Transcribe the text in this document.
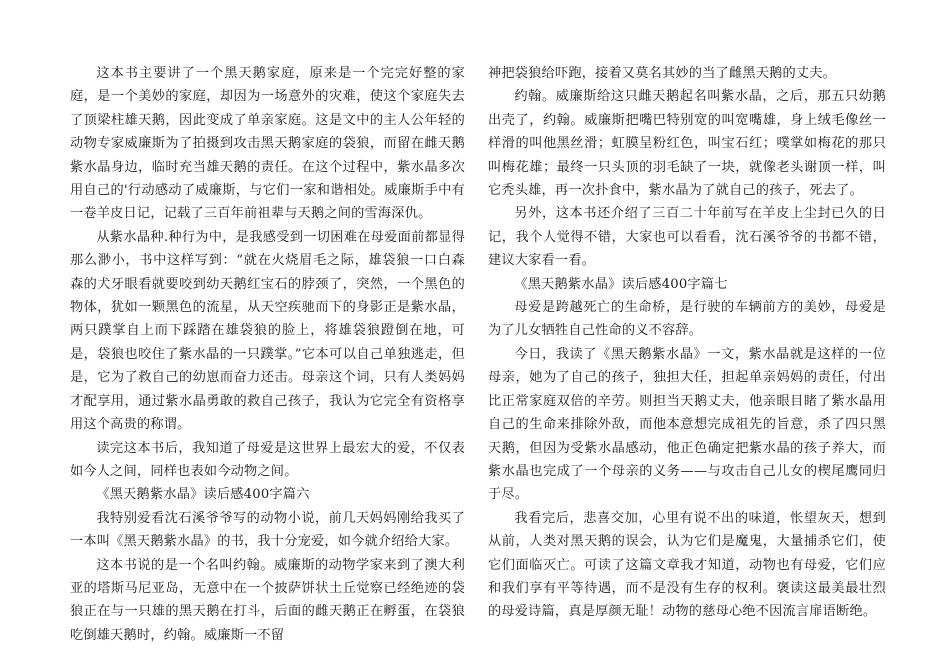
这本书主要讲了一个黑天鹅家庭，原来是一个完完好整的家庭，是一个美妙的家庭，却因为一场意外的灾难，使这个家庭失去了顶梁柱雄天鹅，因此变成了单亲家庭。这是文中的主人公年轻的动物专家威廉斯为了拍摄到攻击黑天鹅家庭的袋狼，而留在雌天鹅紫水晶身边，临时充当雄天鹅的责任。在这个过程中，紫水晶多次用自己的'行动感动了威廉斯，与它们一家和谐相处。威廉斯手中有一卷羊皮日记，记载了三百年前祖辈与天鹅之间的雪海深仇。

从紫水晶种.种行为中，是我感受到一切困难在母爱面前都显得那么渺小，书中这样写到：“就在火烧眉毛之际，雄袋狼一口白森森的犬牙眼看就要咬到幼天鹅红宝石的脖颈了，突然，一个黑色的物体，犹如一颗黑色的流星，从天空疾驰而下的身影正是紫水晶，两只蹼掌自上而下踩踏在雄袋狼的脸上，将雄袋狼蹬倒在地，可是，袋狼也咬住了紫水晶的一只蹼掌。”它本可以自己单独逃走，但是，它为了救自己的幼崽而奋力还击。母亲这个词，只有人类妈妈才配享用，通过紫水晶勇敢的救自己孩子，我认为它完全有资格享用这个高贵的称谓。

读完这本书后，我知道了母爱是这世界上最宏大的爱，不仅表如今人之间，同样也表如今动物之间。

《黑天鹅紫水晶》读后感400字篇六

我特别爱看沈石溪爷爷写的动物小说，前几天妈妈刚给我买了一本叫《黑天鹅紫水晶》的书，我十分宠爱，如今就介绍给大家。

这本书说的是一个名叫约翰。威廉斯的动物学家来到了澳大利亚的塔斯马尼亚岛，无意中在一个披萨饼状土丘觉察已经绝迹的袋狼正在与一只雄的黑天鹅在打斗，后面的雌天鹅正在孵蛋，在袋狼吃倒雄天鹅时，约翰。威廉斯一不留

神把袋狼给吓跑，接着又莫名其妙的当了雌黑天鹅的丈夫。

约翰。威廉斯给这只雌天鹅起名叫紫水晶，之后，那五只幼鹅出壳了，约翰。威廉斯把嘴巴特别宽的叫宽嘴雄，身上绒毛像丝一样滑的叫他黑丝滑；虹膜呈粉红色，叫宝石红；噗掌如梅花的那只叫梅花雄；最终一只头顶的羽毛缺了一块，就像老头谢顶一样，叫它秃头雄，再一次扑食中，紫水晶为了就自己的孩子，死去了。

另外，这本书还介绍了三百二十年前写在羊皮上尘封已久的日记，我个人觉得不错，大家也可以看看，沈石溪爷爷的书都不错，建议大家看一看。

《黑天鹅紫水晶》读后感400字篇七

母爱是跨越死亡的生命桥，是行驶的车辆前方的美妙，母爱是为了儿女牺牲自己性命的义不容辞。

今日，我读了《黑天鹅紫水晶》一文，紫水晶就是这样的一位母亲，她为了自己的孩子，独担大任，担起单亲妈妈的责任，付出比正常家庭双倍的辛劳。则担当天鹅丈夫，他亲眼目睹了紫水晶用自己的生命来排除外敌，而他本意想完成祖先的旨意，杀了四只黑天鹅，但因为受紫水晶感动，他正色确定把紫水晶的孩子养大，而紫水晶也完成了一个母亲的义务——与攻击自己儿女的楔尾鹰同归于尽。

我看完后，悲喜交加，心里有说不出的味道，怅望灰天，想到从前，人类对黑天鹅的误会，认为它们是魔鬼，大量捕杀它们，使它们面临灭亡。可读了这篇文章我才知道，动物也有母爱，它们应和我们享有平等待遇，而不是没有生存的权利。褒读这最美最壮烈的母爱诗篇，真是厚颜无耻！动物的慈母心绝不因流言扉语断绝。
